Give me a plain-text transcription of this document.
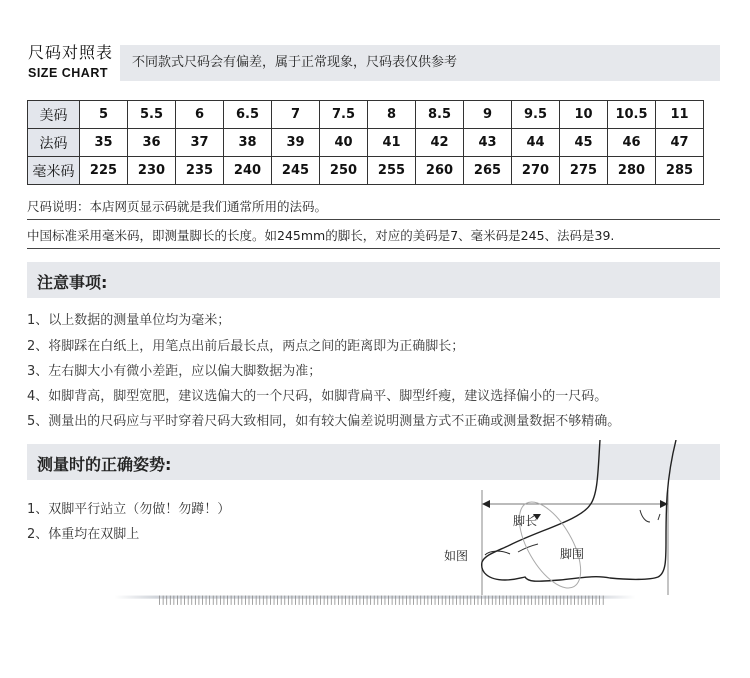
尺码对照表
SIZE CHART
不同款式尺码会有偏差，属于正常现象，尺码表仅供参考
美码	5	5.5	6	6.5	7	7.5	8	8.5	9	9.5	10	10.5	11
法码	35	36	37	38	39	40	41	42	43	44	45	46	47
毫米码	225	230	235	240	245	250	255	260	265	270	275	280	285
尺码说明：本店网页显示码就是我们通常所用的法码。
中国标准采用毫米码，即测量脚长的长度。如245mm的脚长，对应的美码是7、毫米码是245、法码是39.
注意事项:
1、以上数据的测量单位均为毫米；
2、将脚踩在白纸上，用笔点出前后最长点，两点之间的距离即为正确脚长；
3、左右脚大小有微小差距，应以偏大脚数据为准；
4、如脚背高，脚型宽肥，建议选偏大的一个尺码，如脚背扁平、脚型纤瘦，建议选择偏小的一尺码。
5、测量出的尺码应与平时穿着尺码大致相同，如有较大偏差说明测量方式不正确或测量数据不够精确。
测量时的正确姿势:
1、双脚平行站立（勿做！勿蹲！）
2、体重均在双脚上
脚长
脚围
如图
